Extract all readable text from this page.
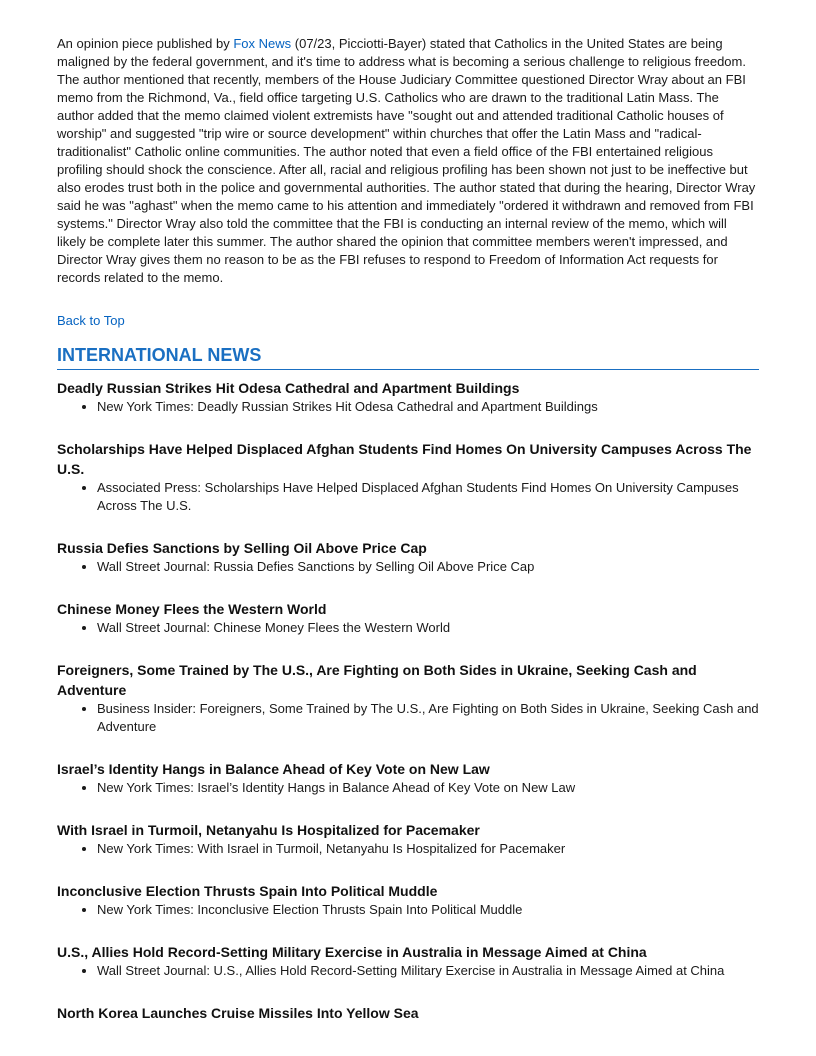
An opinion piece published by Fox News (07/23, Picciotti-Bayer) stated that Catholics in the United States are being maligned by the federal government, and it's time to address what is becoming a serious challenge to religious freedom. The author mentioned that recently, members of the House Judiciary Committee questioned Director Wray about an FBI memo from the Richmond, Va., field office targeting U.S. Catholics who are drawn to the traditional Latin Mass. The author added that the memo claimed violent extremists have "sought out and attended traditional Catholic houses of worship" and suggested "trip wire or source development" within churches that offer the Latin Mass and "radical-traditionalist" Catholic online communities. The author noted that even a field office of the FBI entertained religious profiling should shock the conscience. After all, racial and religious profiling has been shown not just to be ineffective but also erodes trust both in the police and governmental authorities. The author stated that during the hearing, Director Wray said he was "aghast" when the memo came to his attention and immediately "ordered it withdrawn and removed from FBI systems." Director Wray also told the committee that the FBI is conducting an internal review of the memo, which will likely be complete later this summer. The author shared the opinion that committee members weren't impressed, and Director Wray gives them no reason to be as the FBI refuses to respond to Freedom of Information Act requests for records related to the memo.

Back to Top
INTERNATIONAL NEWS
Deadly Russian Strikes Hit Odesa Cathedral and Apartment Buildings
• New York Times: Deadly Russian Strikes Hit Odesa Cathedral and Apartment Buildings
Scholarships Have Helped Displaced Afghan Students Find Homes On University Campuses Across The U.S.
• Associated Press: Scholarships Have Helped Displaced Afghan Students Find Homes On University Campuses Across The U.S.
Russia Defies Sanctions by Selling Oil Above Price Cap
• Wall Street Journal: Russia Defies Sanctions by Selling Oil Above Price Cap
Chinese Money Flees the Western World
• Wall Street Journal: Chinese Money Flees the Western World
Foreigners, Some Trained by The U.S., Are Fighting on Both Sides in Ukraine, Seeking Cash and Adventure
• Business Insider: Foreigners, Some Trained by The U.S., Are Fighting on Both Sides in Ukraine, Seeking Cash and Adventure
Israel’s Identity Hangs in Balance Ahead of Key Vote on New Law
• New York Times: Israel’s Identity Hangs in Balance Ahead of Key Vote on New Law
With Israel in Turmoil, Netanyahu Is Hospitalized for Pacemaker
• New York Times: With Israel in Turmoil, Netanyahu Is Hospitalized for Pacemaker
Inconclusive Election Thrusts Spain Into Political Muddle
• New York Times: Inconclusive Election Thrusts Spain Into Political Muddle
U.S., Allies Hold Record-Setting Military Exercise in Australia in Message Aimed at China
• Wall Street Journal: U.S., Allies Hold Record-Setting Military Exercise in Australia in Message Aimed at China
North Korea Launches Cruise Missiles Into Yellow Sea
